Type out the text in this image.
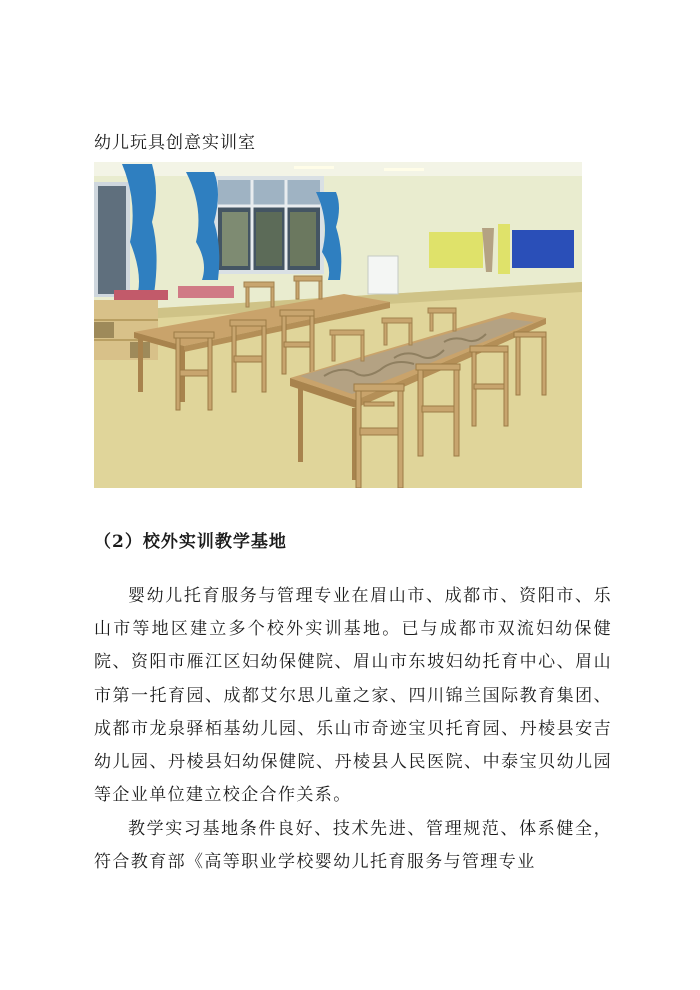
幼儿玩具创意实训室
（2）校外实训教学基地

婴幼儿托育服务与管理专业在眉山市、成都市、资阳市、乐山市等地区建立多个校外实训基地。已与成都市双流妇幼保健院、资阳市雁江区妇幼保健院、眉山市东坡妇幼托育中心、眉山市第一托育园、成都艾尔思儿童之家、四川锦兰国际教育集团、成都市龙泉驿栢基幼儿园、乐山市奇迹宝贝托育园、丹棱县安吉幼儿园、丹棱县妇幼保健院、丹棱县人民医院、中泰宝贝幼儿园等企业单位建立校企合作关系。

教学实习基地条件良好、技术先进、管理规范、体系健全，符合教育部《高等职业学校婴幼儿托育服务与管理专业
